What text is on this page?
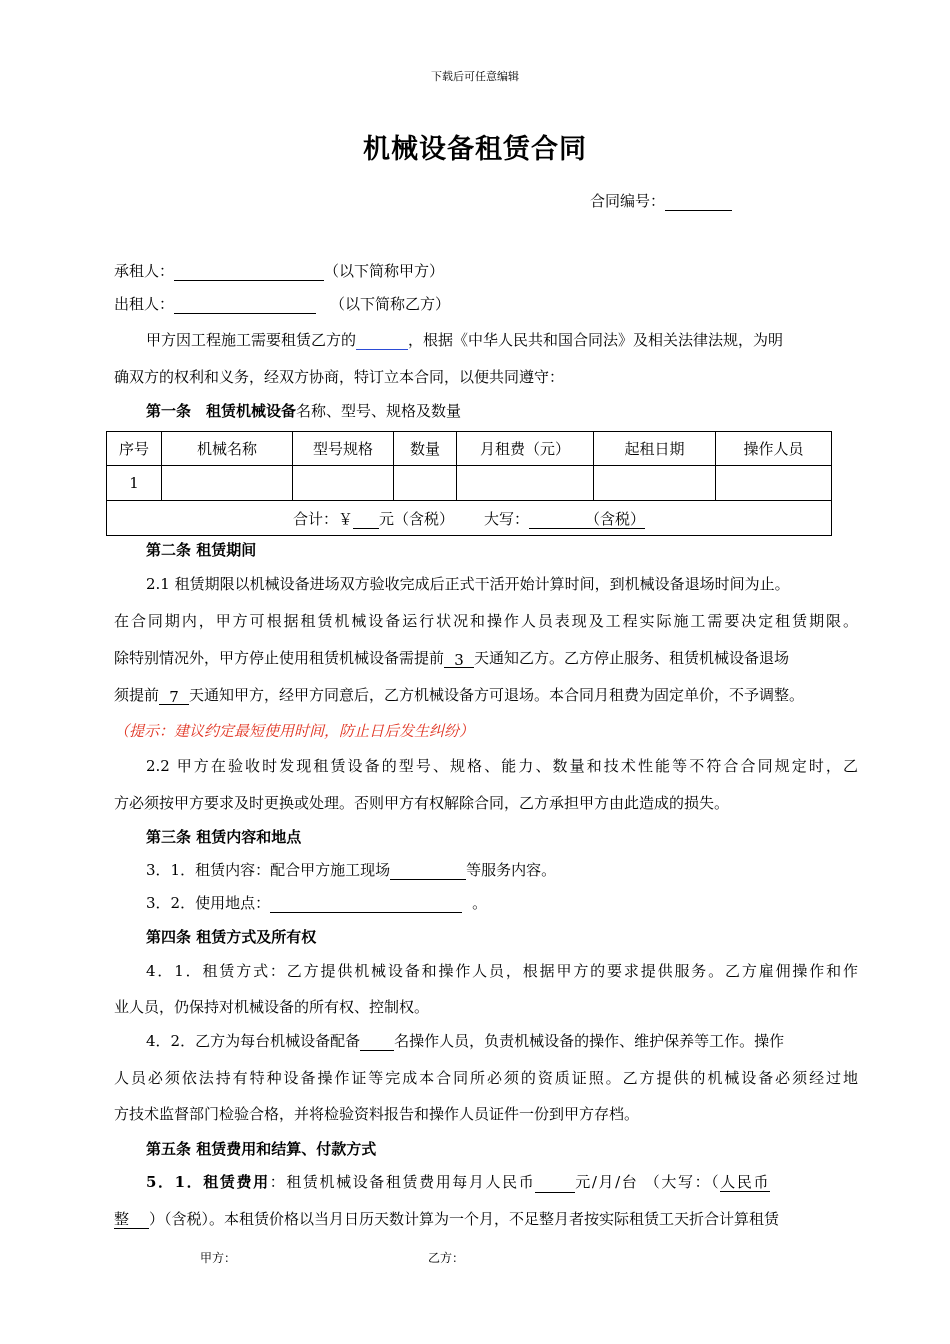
下载后可任意编辑
机械设备租赁合同
合同编号：
承租人：	（以下简称甲方）
出租人：	（以下简称乙方）
甲方因工程施工需要租赁乙方的	，根据《中华人民共和国合同法》及相关法律法规，为明
确双方的权利和义务，经双方协商，特订立本合同，以便共同遵守：
第一条　租赁机械设备名称、型号、规格及数量
序号	机械名称	型号规格	数量	月租费（元）	起租日期	操作人员
1						
合计：￥ 元（含税） 大写： （含税）						
第二条 租赁期间
2.1 租赁期限以机械设备进场双方验收完成后正式干活开始计算时间，到机械设备退场时间为止。
在合同期内，甲方可根据租赁机械设备运行状况和操作人员表现及工程实际施工需要决定租赁期限。
除特别情况外，甲方停止使用租赁机械设备需提前 3 天通知乙方。乙方停止服务、租赁机械设备退场
须提前 7 天通知甲方，经甲方同意后，乙方机械设备方可退场。本合同月租费为固定单价，不予调整。
（提示：建议约定最短使用时间，防止日后发生纠纷）
2.2 甲方在验收时发现租赁设备的型号、规格、能力、数量和技术性能等不符合合同规定时，乙
方必须按甲方要求及时更换或处理。否则甲方有权解除合同，乙方承担甲方由此造成的损失。
第三条 租赁内容和地点
3．1．租赁内容：配合甲方施工现场	等服务内容。
3．2．使用地点：	。
第四条 租赁方式及所有权
4．1．租赁方式：乙方提供机械设备和操作人员，根据甲方的要求提供服务。乙方雇佣操作和作
业人员，仍保持对机械设备的所有权、控制权。
4．2．乙方为每台机械设备配备 名操作人员，负责机械设备的操作、维护保养等工作。操作
人员必须依法持有特种设备操作证等完成本合同所必须的资质证照。乙方提供的机械设备必须经过地
方技术监督部门检验合格，并将检验资料报告和操作人员证件一份到甲方存档。
第五条 租赁费用和结算、付款方式
5．1．租赁费用：租赁机械设备租赁费用每月人民币	元/月/台 （大写：（人民币
整 ）（含税）。本租赁价格以当月日历天数计算为一个月，不足整月者按实际租赁工天折合计算租赁
甲方：	乙方：
